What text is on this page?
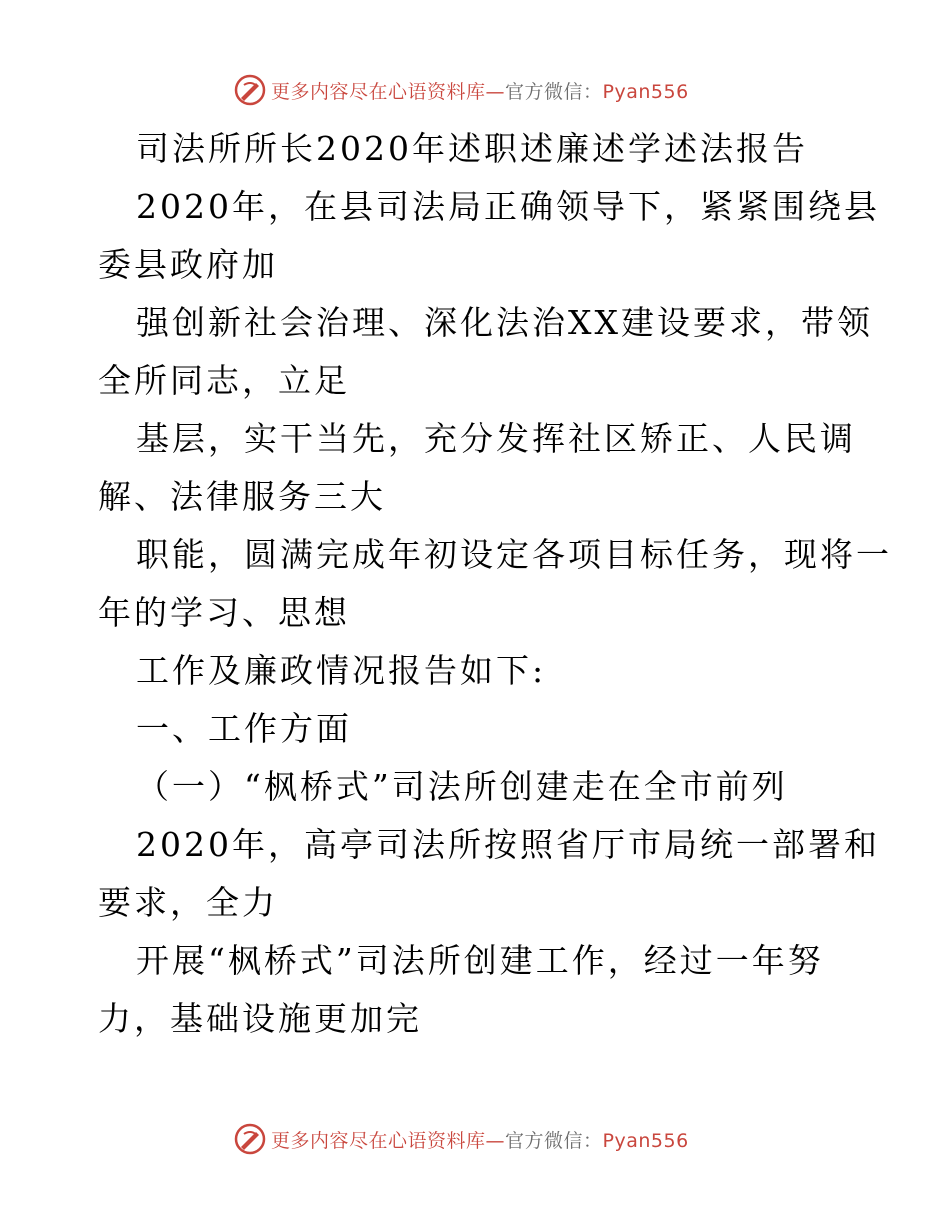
更多内容尽在心语资料库—官方微信：Pyan556
司法所所长2020年述职述廉述学述法报告
2020年，在县司法局正确领导下，紧紧围绕县
委县政府加
强创新社会治理、深化法治XX建设要求，带领
全所同志，立足
基层，实干当先，充分发挥社区矫正、人民调
解、法律服务三大
职能，圆满完成年初设定各项目标任务，现将一
年的学习、思想
工作及廉政情况报告如下:
一、工作方面
（一）“枫桥式”司法所创建走在全市前列
2020年，高亭司法所按照省厅市局统一部署和
要求，全力
开展“枫桥式”司法所创建工作，经过一年努
力，基础设施更加完
更多内容尽在心语资料库—官方微信：Pyan556
